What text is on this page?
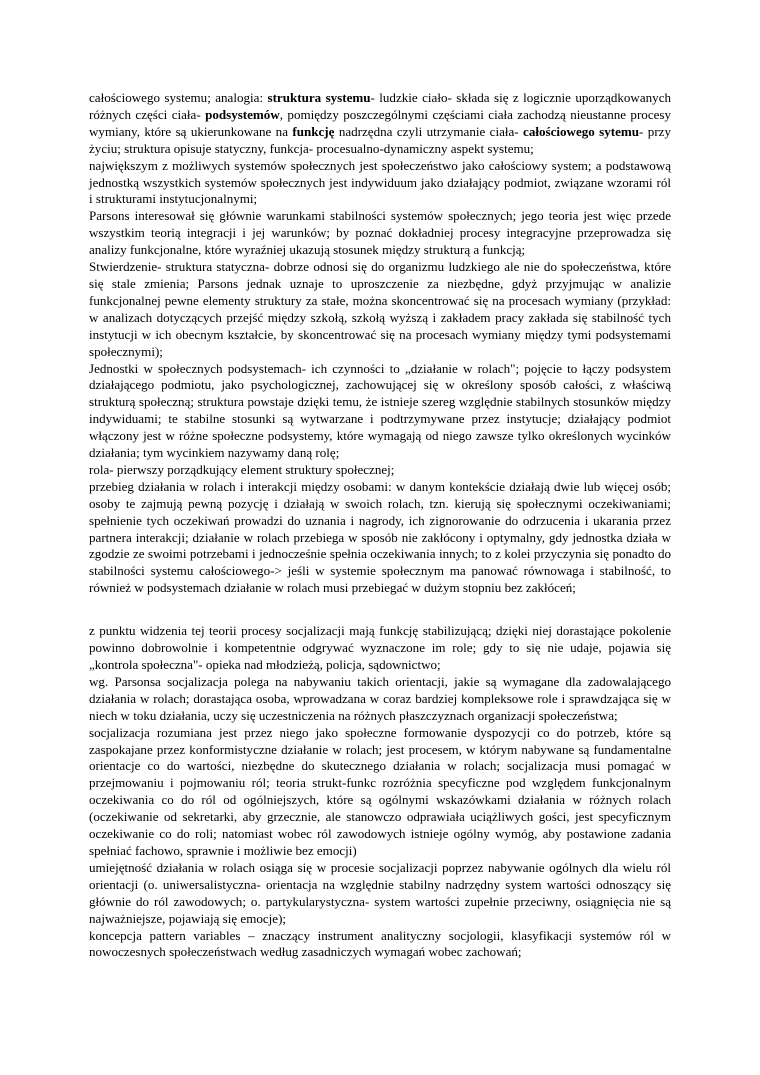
całościowego systemu; analogia: struktura systemu- ludzkie ciało- składa się z logicznie uporządkowanych różnych części ciała- podsystemów, pomiędzy poszczególnymi częściami ciała zachodzą nieustanne procesy wymiany, które są ukierunkowane na funkcję nadrzędna czyli utrzymanie ciała- całościowego sytemu- przy życiu; struktura opisuje statyczny, funkcja- procesualno-dynamiczny aspekt systemu;

największym z możliwych systemów społecznych jest społeczeństwo jako całościowy system; a podstawową jednostką wszystkich systemów społecznych jest indywiduum jako działający podmiot, związane wzorami ról i strukturami instytucjonalnymi;

Parsons interesował się głównie warunkami stabilności systemów społecznych; jego teoria jest więc przede wszystkim teorią integracji i jej warunków; by poznać dokładniej procesy integracyjne przeprowadza się analizy funkcjonalne, które wyraźniej ukazują stosunek między strukturą a funkcją;

Stwierdzenie- struktura statyczna- dobrze odnosi się do organizmu ludzkiego ale nie do społeczeństwa, które się stale zmienia; Parsons jednak uznaje to uproszczenie za niezbędne, gdyż przyjmując w analizie funkcjonalnej pewne elementy struktury za stałe, można skoncentrować się na procesach wymiany (przykład: w analizach dotyczących przejść między szkołą, szkołą wyższą i zakładem pracy zakłada się stabilność tych instytucji w ich obecnym kształcie, by skoncentrować się na procesach wymiany między tymi podsystemami społecznymi);

Jednostki w społecznych podsystemach- ich czynności to „działanie w rolach"; pojęcie to łączy podsystem działającego podmiotu, jako psychologicznej, zachowującej się w określony sposób całości, z właściwą strukturą społeczną; struktura powstaje dzięki temu, że istnieje szereg względnie stabilnych stosunków między indywiduami; te stabilne stosunki są wytwarzane i podtrzymywane przez instytucje; działający podmiot włączony jest w różne społeczne podsystemy, które wymagają od niego zawsze tylko określonych wycinków działania; tym wycinkiem nazywamy daną rolę;

rola- pierwszy porządkujący element struktury społecznej;

przebieg działania w rolach i interakcji między osobami: w danym kontekście działają dwie lub więcej osób; osoby te zajmują pewną pozycję i działają w swoich rolach, tzn. kierują się społecznymi oczekiwaniami; spełnienie tych oczekiwań prowadzi do uznania i nagrody, ich zignorowanie do odrzucenia i ukarania przez partnera interakcji; działanie w rolach przebiega w sposób nie zakłócony i optymalny, gdy jednostka działa w zgodzie ze swoimi potrzebami i jednocześnie spełnia oczekiwania innych; to z kolei przyczynia się ponadto do stabilności systemu całościowego-> jeśli w systemie społecznym ma panować równowaga i stabilność, to również w podsystemach działanie w rolach musi przebiegać w dużym stopniu bez zakłóceń;

z punktu widzenia tej teorii procesy socjalizacji mają funkcję stabilizującą; dzięki niej dorastające pokolenie powinno dobrowolnie i kompetentnie odgrywać wyznaczone im role; gdy to się nie udaje, pojawia się „kontrola społeczna"- opieka nad młodzieżą, policja, sądownictwo;

wg. Parsonsa socjalizacja polega na nabywaniu takich orientacji, jakie są wymagane dla zadowalającego działania w rolach; dorastająca osoba, wprowadzana w coraz bardziej kompleksowe role i sprawdzająca się w niech w toku działania, uczy się uczestniczenia na różnych płaszczyznach organizacji społeczeństwa;

socjalizacja rozumiana jest przez niego jako społeczne formowanie dyspozycji co do potrzeb, które są zaspokajane przez konformistyczne działanie w rolach; jest procesem, w którym nabywane są fundamentalne orientacje co do wartości, niezbędne do skutecznego działania w rolach; socjalizacja musi pomagać w przejmowaniu i pojmowaniu ról; teoria strukt-funkc rozróżnia specyficzne pod względem funkcjonalnym oczekiwania co do ról od ogólniejszych, które są ogólnymi wskazówkami działania w różnych rolach (oczekiwanie od sekretarki, aby grzecznie, ale stanowczo odprawiała uciążliwych gości, jest specyficznym oczekiwanie co do roli; natomiast wobec ról zawodowych istnieje ogólny wymóg, aby postawione zadania spełniać fachowo, sprawnie i możliwie bez emocji)

umiejętność działania w rolach osiąga się w procesie socjalizacji poprzez nabywanie ogólnych dla wielu ról orientacji (o. uniwersalistyczna- orientacja na względnie stabilny nadrzędny system wartości odnoszący się głównie do ról zawodowych; o. partykularystyczna- system wartości zupełnie przeciwny, osiągnięcia nie są najważniejsze, pojawiają się emocje);

koncepcja pattern variables – znaczący instrument analityczny socjologii, klasyfikacji systemów ról w nowoczesnych społeczeństwach według zasadniczych wymagań wobec zachowań;
